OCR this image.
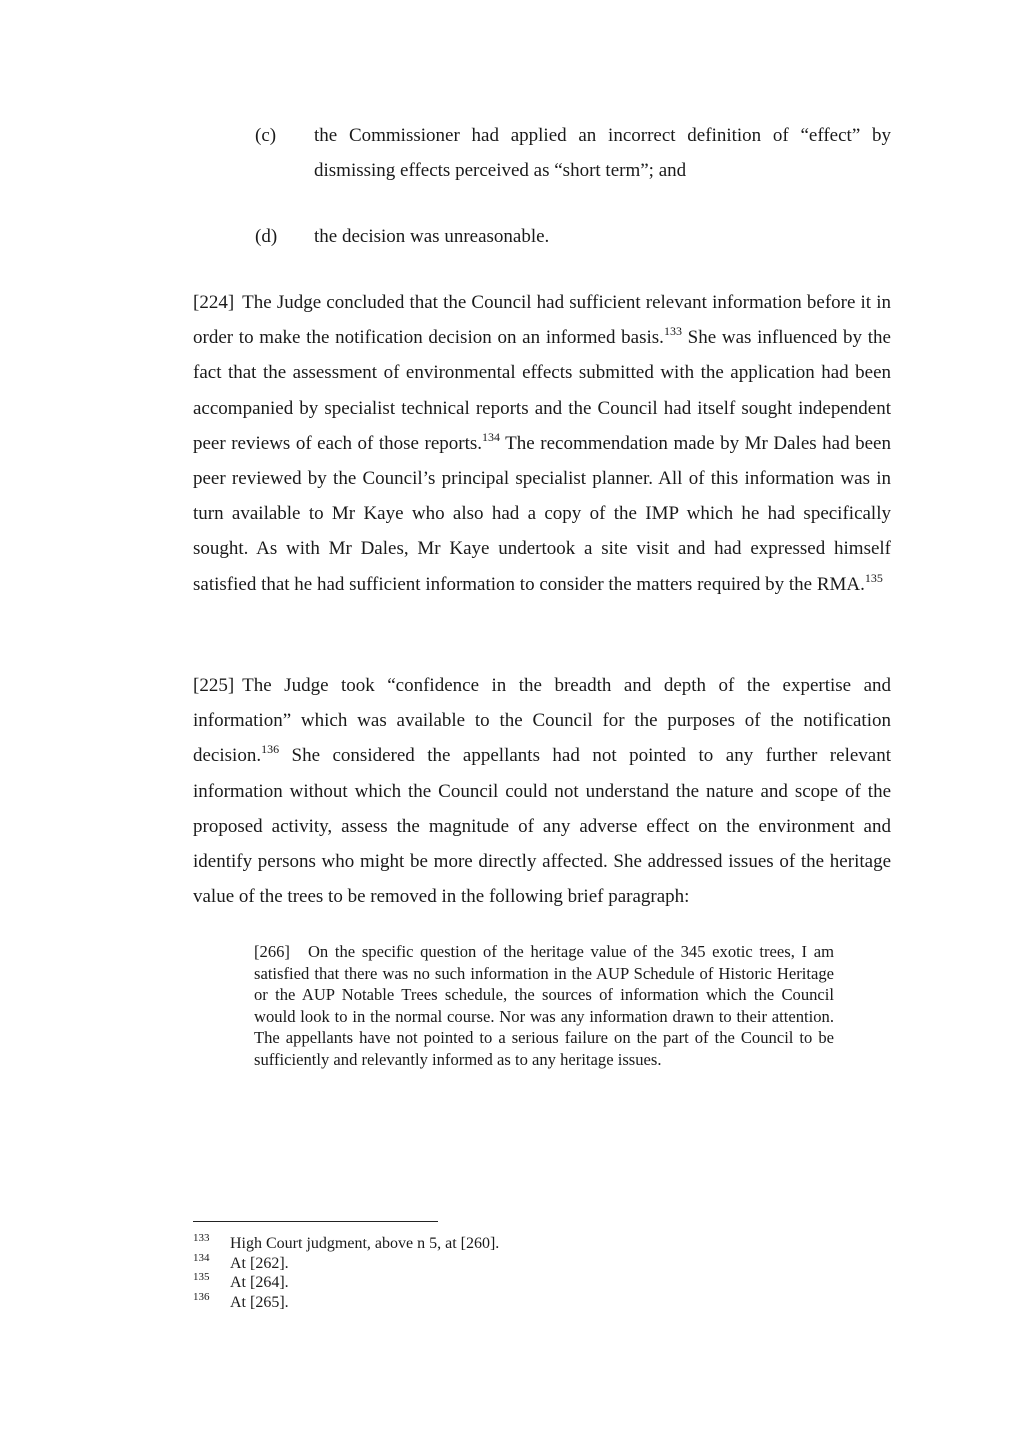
(c) the Commissioner had applied an incorrect definition of “effect” by dismissing effects perceived as “short term”; and
(d) the decision was unreasonable.

[224] The Judge concluded that the Council had sufficient relevant information before it in order to make the notification decision on an informed basis.$^{133}$ She was influenced by the fact that the assessment of environmental effects submitted with the application had been accompanied by specialist technical reports and the Council had itself sought independent peer reviews of each of those reports.$^{134}$ The recommendation made by Mr Dales had been peer reviewed by the Council’s principal specialist planner. All of this information was in turn available to Mr Kaye who also had a copy of the IMP which he had specifically sought. As with Mr Dales, Mr Kaye undertook a site visit and had expressed himself satisfied that he had sufficient information to consider the matters required by the RMA.$^{135}$

[225] The Judge took “confidence in the breadth and depth of the expertise and information” which was available to the Council for the purposes of the notification decision.$^{136}$ She considered the appellants had not pointed to any further relevant information without which the Council could not understand the nature and scope of the proposed activity, assess the magnitude of any adverse effect on the environment and identify persons who might be more directly affected. She addressed issues of the heritage value of the trees to be removed in the following brief paragraph:

[266] On the specific question of the heritage value of the 345 exotic trees, I am satisfied that there was no such information in the AUP Schedule of Historic Heritage or the AUP Notable Trees schedule, the sources of information which the Council would look to in the normal course. Nor was any information drawn to their attention. The appellants have not pointed to a serious failure on the part of the Council to be sufficiently and relevantly informed as to any heritage issues.

133 High Court judgment, above n 5, at [260].
134 At [262].
135 At [264].
136 At [265].
